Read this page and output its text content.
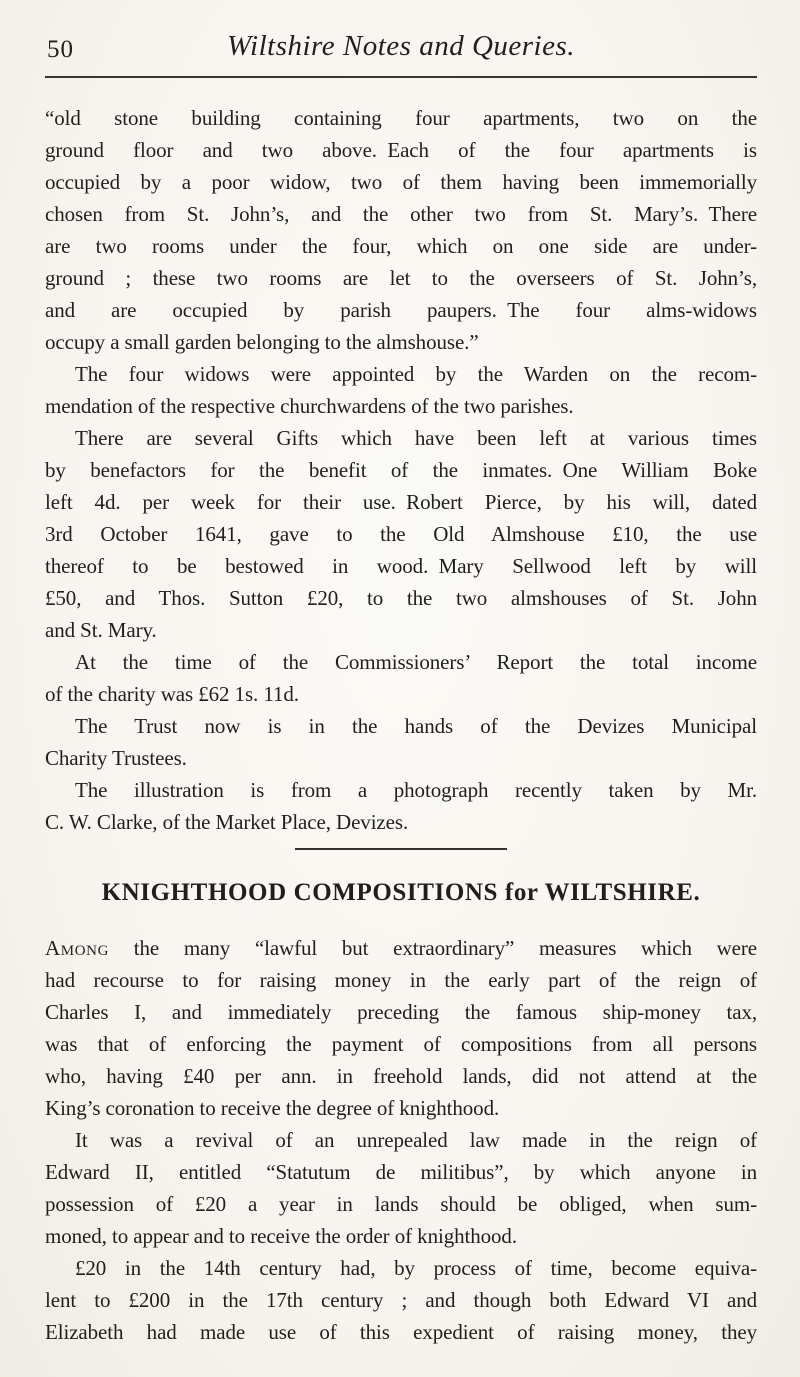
50	Wiltshire Notes and Queries.

“old stone building containing four apartments, two on the
ground floor and two above. Each of the four apartments is
occupied by a poor widow, two of them having been immemorially
chosen from St. John’s, and the other two from St. Mary’s. There
are two rooms under the four, which on one side are under-
ground ; these two rooms are let to the overseers of St. John’s,
and are occupied by parish paupers. The four alms-widows
occupy a small garden belonging to the almshouse.”

The four widows were appointed by the Warden on the recom-
mendation of the respective churchwardens of the two parishes.

There are several Gifts which have been left at various times
by benefactors for the benefit of the inmates. One William Boke
left 4d. per week for their use. Robert Pierce, by his will, dated
3rd October 1641, gave to the Old Almshouse £10, the use
thereof to be bestowed in wood. Mary Sellwood left by will
£50, and Thos. Sutton £20, to the two almshouses of St. John
and St. Mary.

At the time of the Commissioners’ Report the total income
of the charity was £62 1s. 11d.

The Trust now is in the hands of the Devizes Municipal
Charity Trustees.

The illustration is from a photograph recently taken by Mr.
C. W. Clarke, of the Market Place, Devizes.

KNIGHTHOOD COMPOSITIONS for WILTSHIRE.

Among the many “lawful but extraordinary” measures which were
had recourse to for raising money in the early part of the reign of
Charles I, and immediately preceding the famous ship-money tax,
was that of enforcing the payment of compositions from all persons
who, having £40 per ann. in freehold lands, did not attend at the
King’s coronation to receive the degree of knighthood.

It was a revival of an unrepealed law made in the reign of
Edward II, entitled “Statutum de militibus”, by which anyone in
possession of £20 a year in lands should be obliged, when sum-
moned, to appear and to receive the order of knighthood.

£20 in the 14th century had, by process of time, become equiva-
lent to £200 in the 17th century ; and though both Edward VI and
Elizabeth had made use of this expedient of raising money, they
